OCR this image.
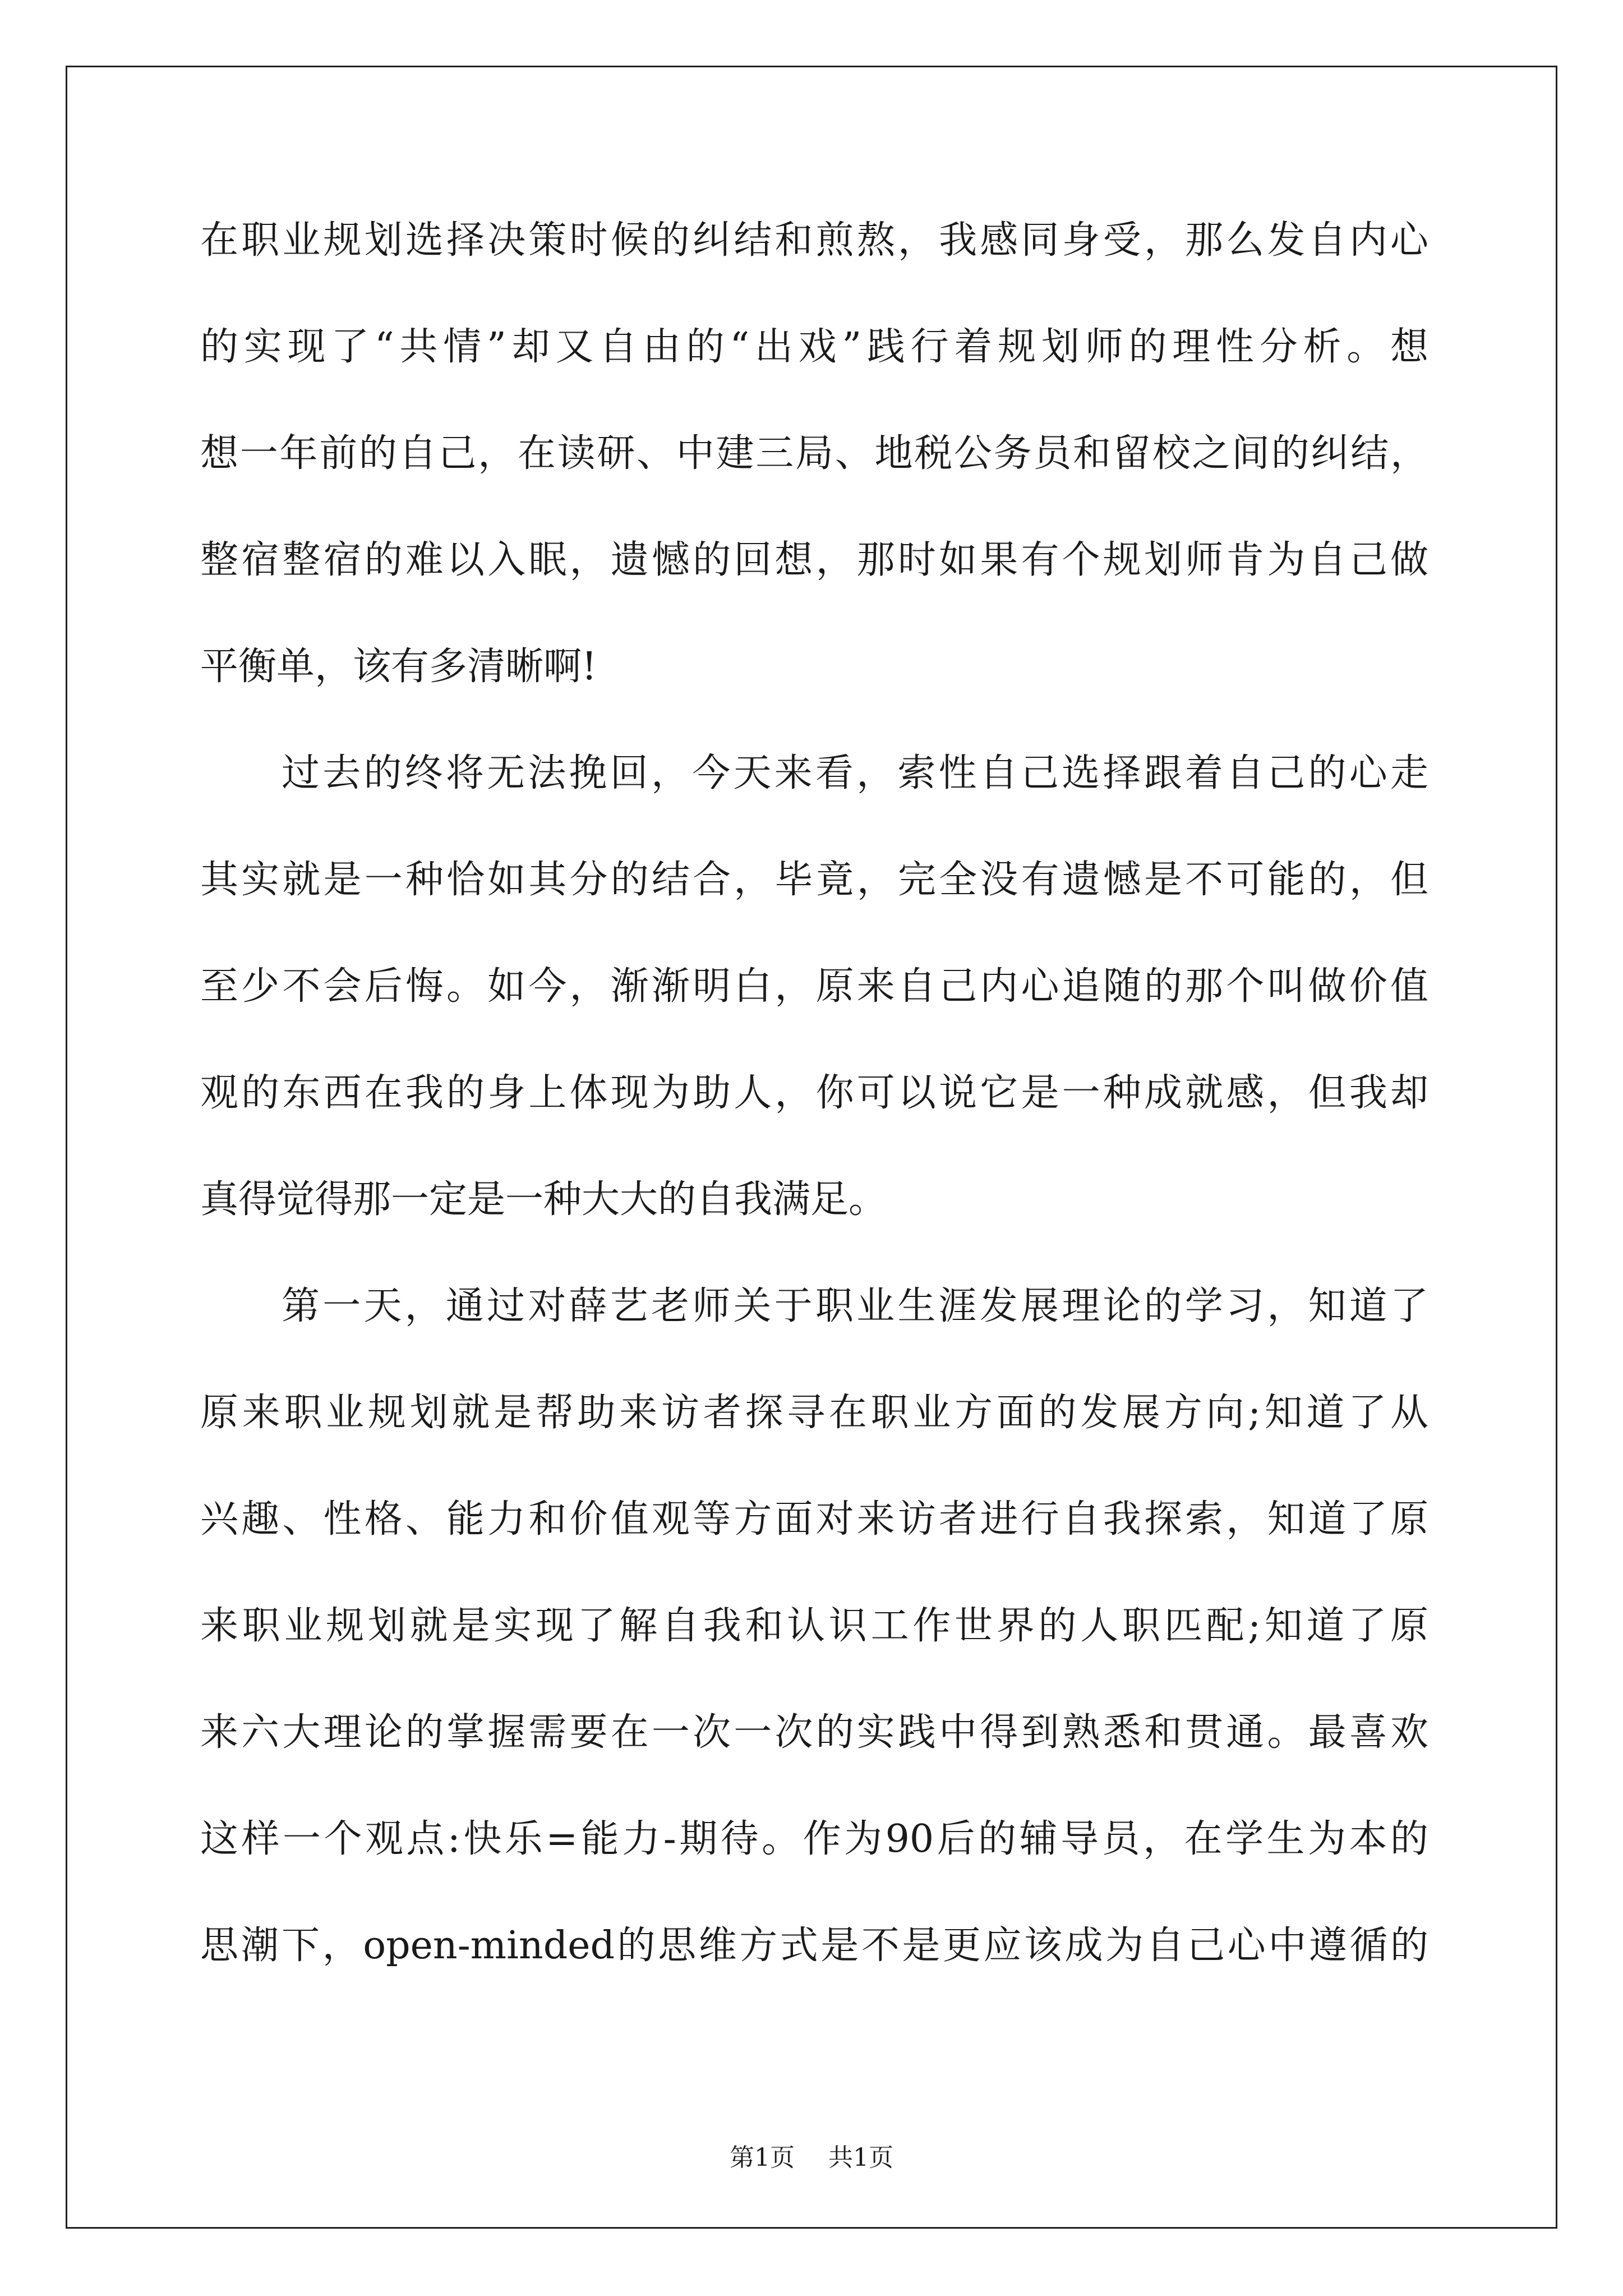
在职业规划选择决策时候的纠结和煎熬，我感同身受，那么发自内心
的实现了“共情”却又自由的“出戏”践行着规划师的理性分析。想
想一年前的自己，在读研、中建三局、地税公务员和留校之间的纠结，
整宿整宿的难以入眠，遗憾的回想，那时如果有个规划师肯为自己做
平衡单，该有多清晰啊!
过去的终将无法挽回，今天来看，索性自己选择跟着自己的心走
其实就是一种恰如其分的结合，毕竟，完全没有遗憾是不可能的，但
至少不会后悔。如今，渐渐明白，原来自己内心追随的那个叫做价值
观的东西在我的身上体现为助人，你可以说它是一种成就感，但我却
真得觉得那一定是一种大大的自我满足。
第一天，通过对薛艺老师关于职业生涯发展理论的学习，知道了
原来职业规划就是帮助来访者探寻在职业方面的发展方向;知道了从
兴趣、性格、能力和价值观等方面对来访者进行自我探索，知道了原
来职业规划就是实现了解自我和认识工作世界的人职匹配;知道了原
来六大理论的掌握需要在一次一次的实践中得到熟悉和贯通。最喜欢
这样一个观点:快乐=能力-期待。作为90后的辅导员，在学生为本的
思潮下，open-minded的思维方式是不是更应该成为自己心中遵循的
第1页 共1页
